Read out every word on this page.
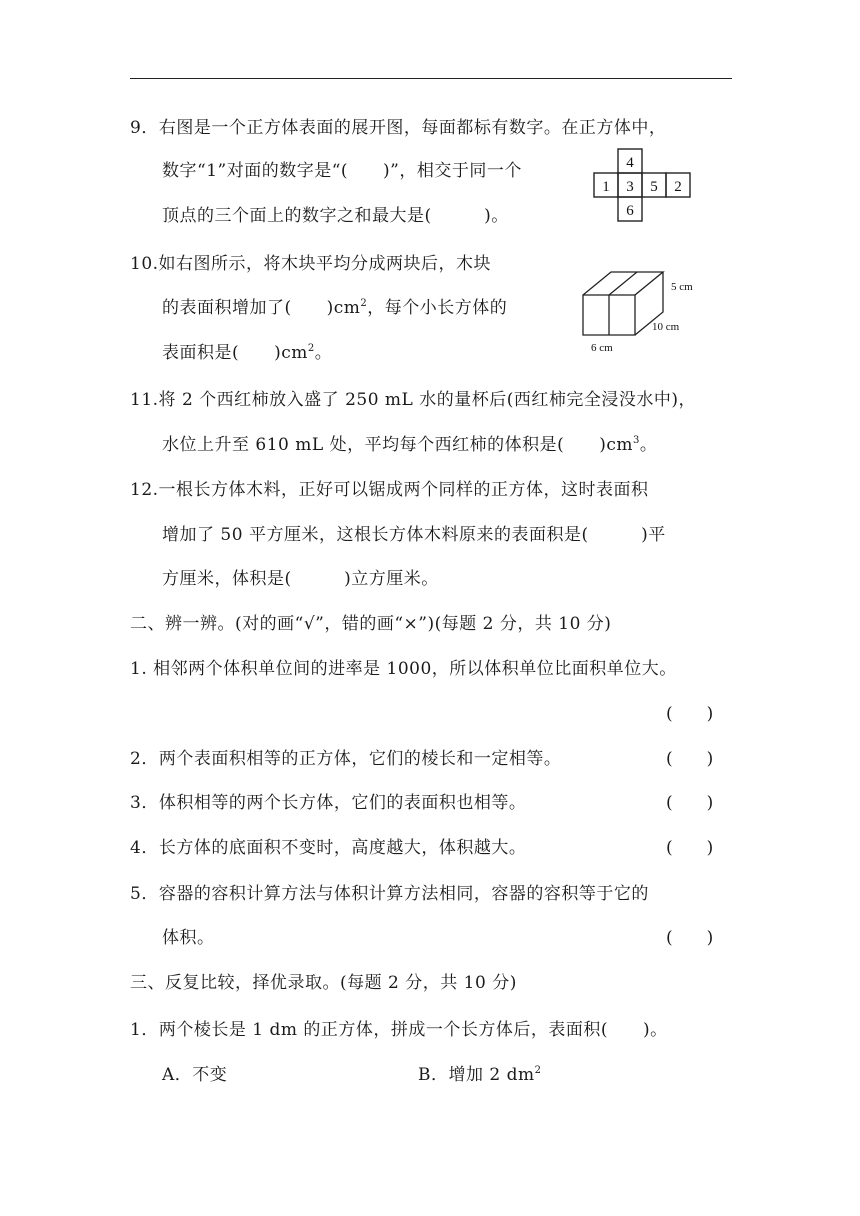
9．右图是一个正方体表面的展开图，每面都标有数字。在正方体中，
数字“1”对面的数字是“(　　)”，相交于同一个
顶点的三个面上的数字之和最大是(　　　)。
4
1 3 5 2
6
10.如右图所示，将木块平均分成两块后，木块
的表面积增加了(　　)$cm^2$，每个小长方体的
表面积是(　　)$cm^2$。
5 cm
10 cm
6 cm
11.将 2 个西红柿放入盛了 250 mL 水的量杯后(西红柿完全浸没水中)，
水位上升至 610 mL 处，平均每个西红柿的体积是(　　)$cm^3$。
12.一根长方体木料，正好可以锯成两个同样的正方体，这时表面积
增加了 50 平方厘米，这根长方体木料原来的表面积是(　　　)平
方厘米，体积是(　　　)立方厘米。
二、辨一辨。(对的画“√”，错的画“×”)(每题 2 分，共 10 分)
1. 相邻两个体积单位间的进率是 1000，所以体积单位比面积单位大。
(　　)
2．两个表面积相等的正方体，它们的棱长和一定相等。	(　　)
3．体积相等的两个长方体，它们的表面积也相等。	(　　)
4．长方体的底面积不变时，高度越大，体积越大。	(　　)
5．容器的容积计算方法与体积计算方法相同，容器的容积等于它的
体积。	(　　)
三、反复比较，择优录取。(每题 2 分，共 10 分)
1．两个棱长是 1 dm 的正方体，拼成一个长方体后，表面积(　　)。
A．不变	B．增加 2 $dm^2$
